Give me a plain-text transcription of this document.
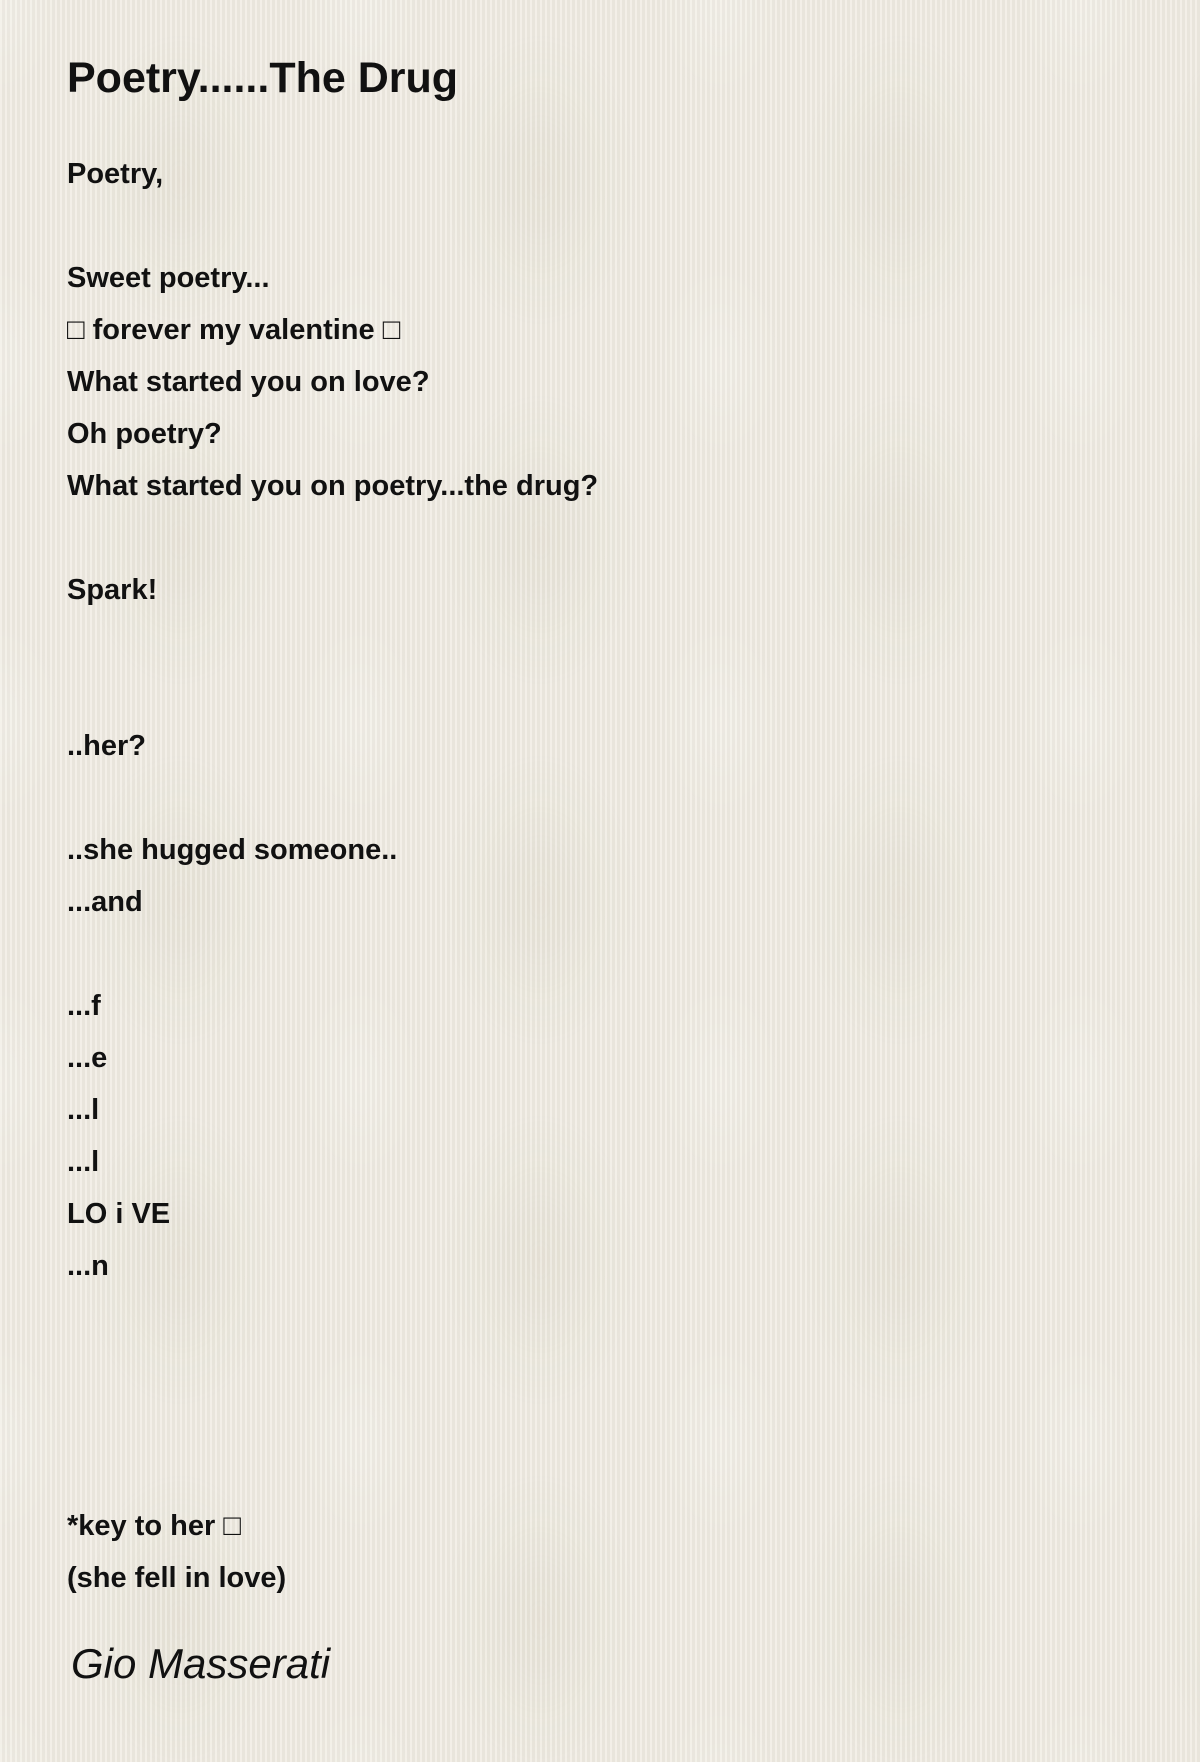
Poetry......The Drug
Poetry,
Sweet poetry...
□ forever my valentine □
What started you on love?
Oh poetry?
What started you on poetry...the drug?
Spark!
..her?
..she hugged someone..
...and
...f
...e
...l
...l
LO i VE
...n
*key to her □
(she fell in love)
Gio Masserati
